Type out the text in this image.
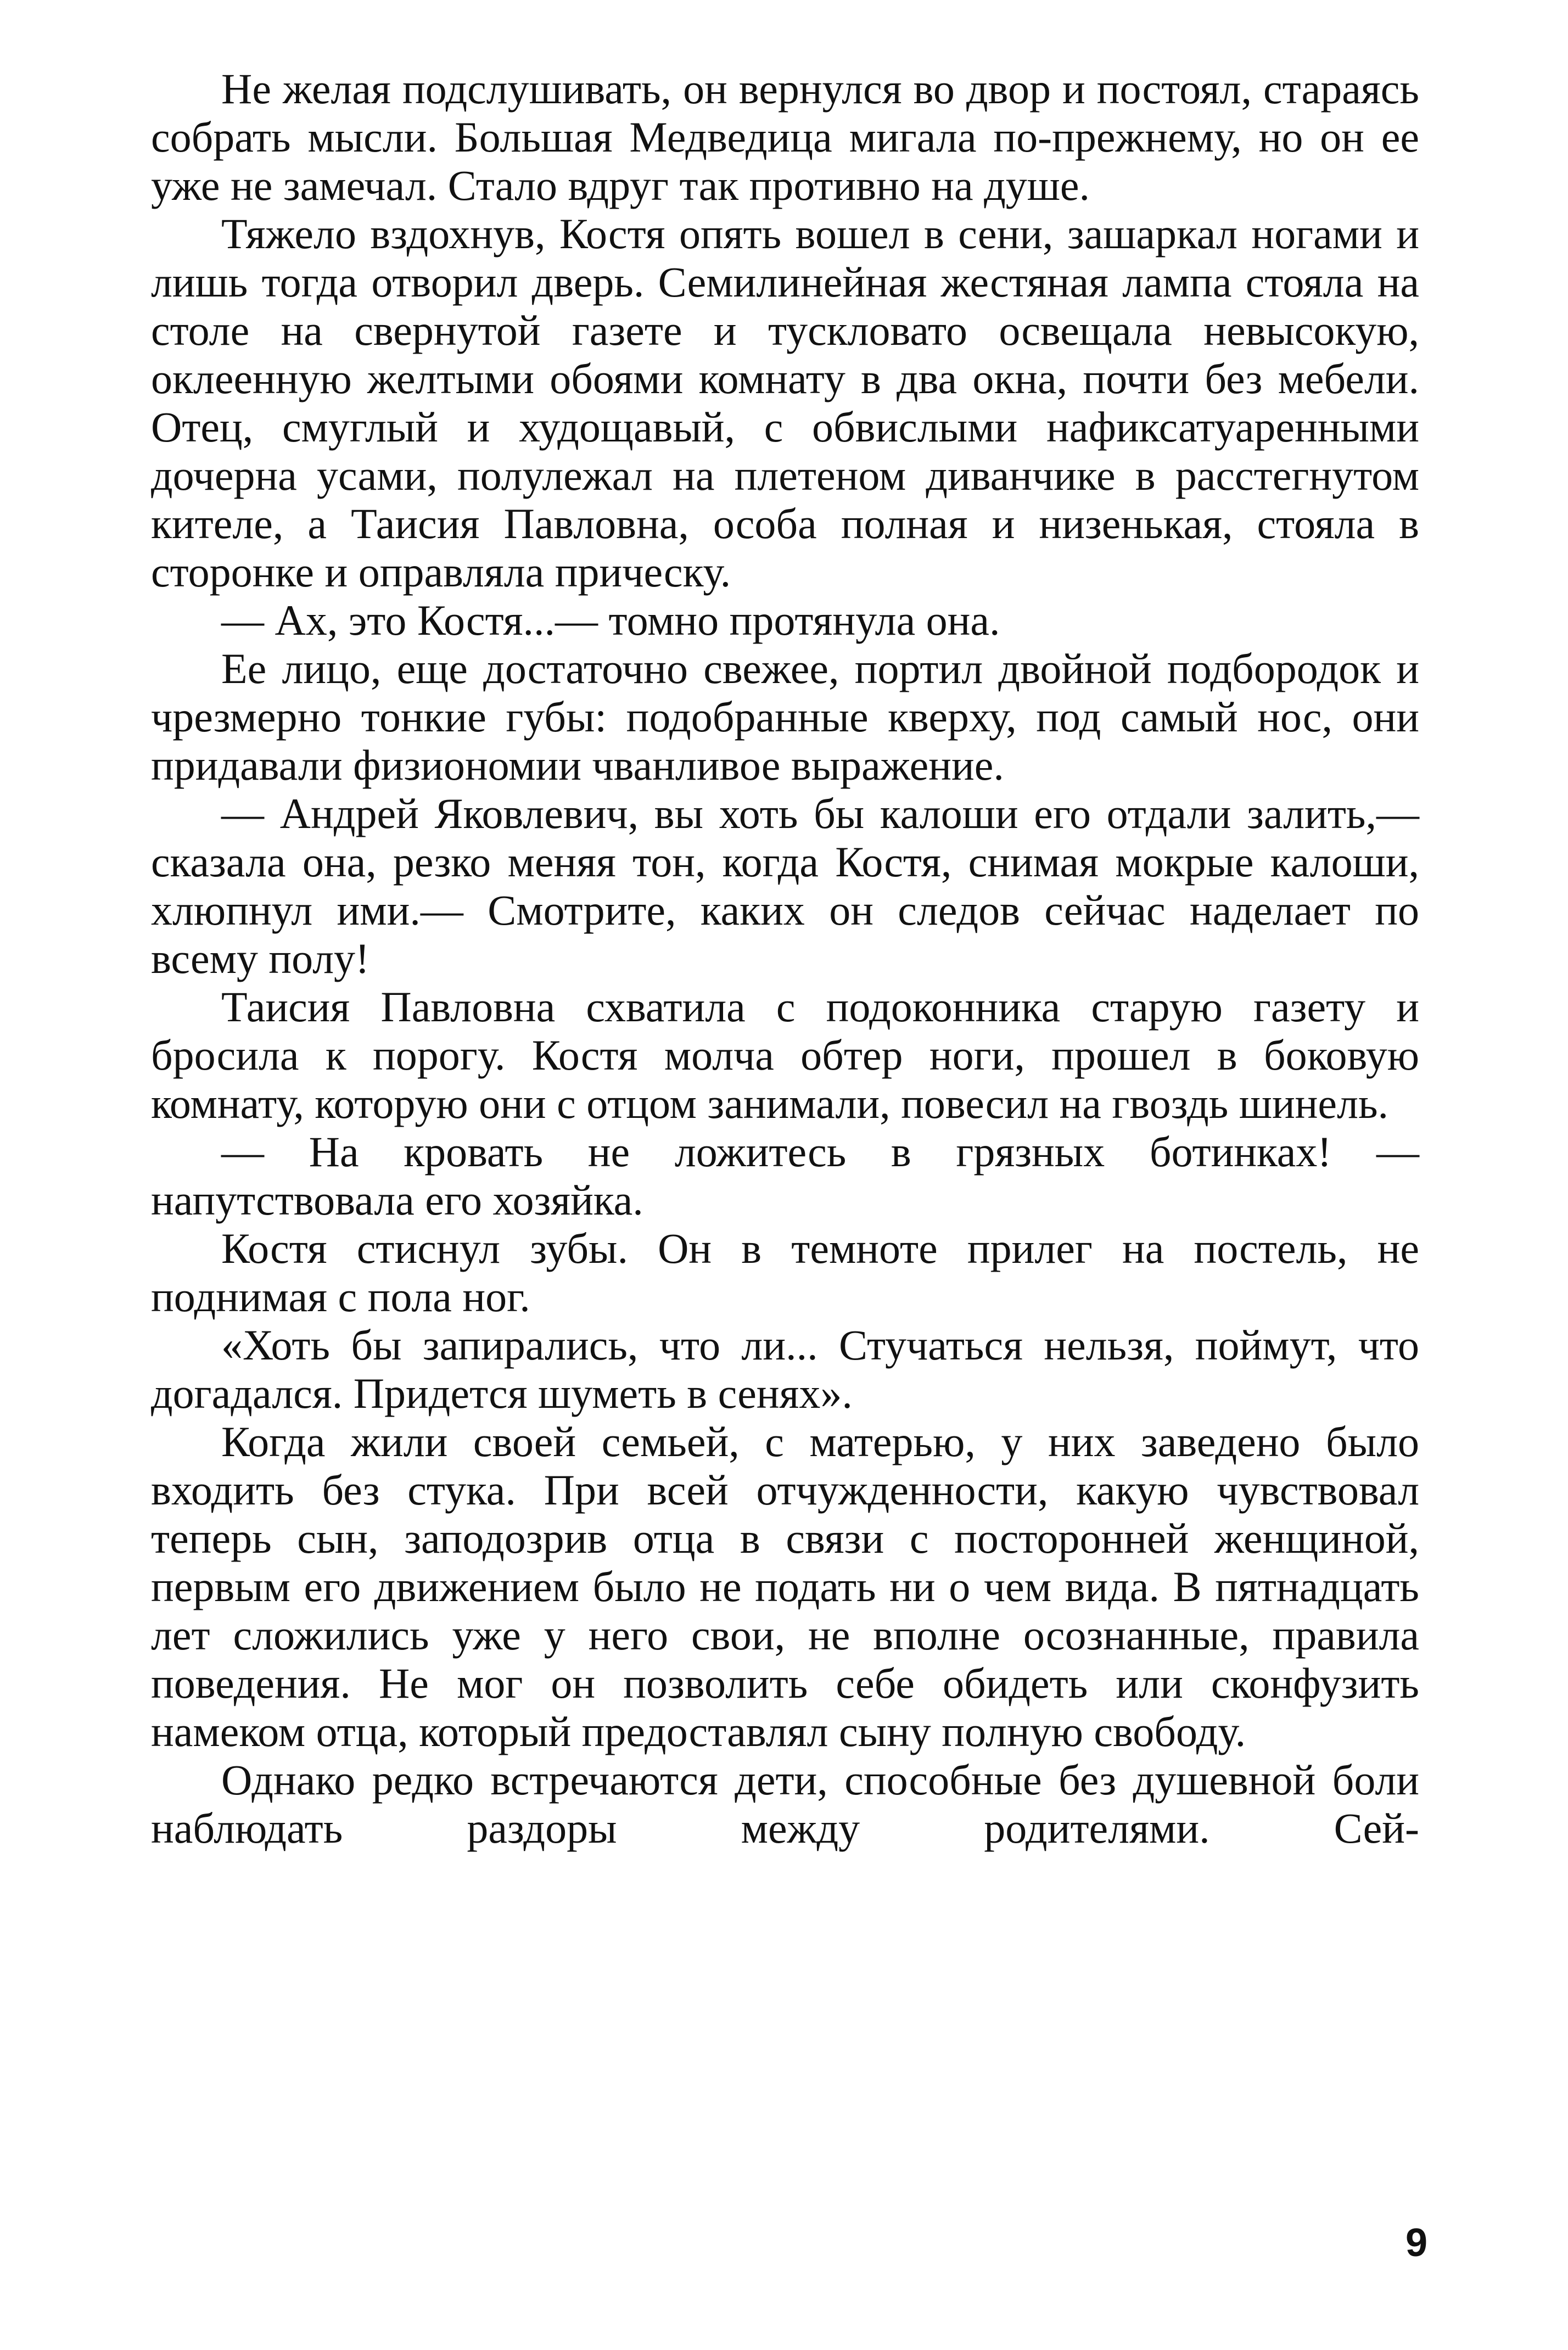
Не желая подслушивать, он вернулся во двор и постоял, стараясь собрать мысли. Большая Медведица мигала по-прежнему, но он ее уже не замечал. Стало вдруг так противно на душе.

Тяжело вздохнув, Костя опять вошел в сени, зашаркал ногами и лишь тогда отворил дверь. Семилинейная жестяная лампа стояла на столе на свернутой газете и тускловато освещала невысокую, оклеенную желтыми обоями комнату в два окна, почти без мебели. Отец, смуглый и худощавый, с обвислыми нафиксатуаренными дочерна усами, полулежал на плетеном диванчике в расстегнутом кителе, а Таисия Павловна, особа полная и низенькая, стояла в сторонке и оправляла прическу.

— Ах, это Костя...— томно протянула она.

Ее лицо, еще достаточно свежее, портил двойной подбородок и чрезмерно тонкие губы: подобранные кверху, под самый нос, они придавали физиономии чванливое выражение.

— Андрей Яковлевич, вы хоть бы калоши его отдали залить,— сказала она, резко меняя тон, когда Костя, снимая мокрые калоши, хлюпнул ими.— Смотрите, каких он следов сейчас наделает по всему полу!

Таисия Павловна схватила с подоконника старую газету и бросила к порогу. Костя молча обтер ноги, прошел в боковую комнату, которую они с отцом занимали, повесил на гвоздь шинель.

— На кровать не ложитесь в грязных ботинках! — напутствовала его хозяйка.

Костя стиснул зубы. Он в темноте прилег на постель, не поднимая с пола ног.

«Хоть бы запирались, что ли... Стучаться нельзя, поймут, что догадался. Придется шуметь в сенях».

Когда жили своей семьей, с матерью, у них заведено было входить без стука. При всей отчужденности, какую чувствовал теперь сын, заподозрив отца в связи с посторонней женщиной, первым его движением было не подать ни о чем вида. В пятнадцать лет сложились уже у него свои, не вполне осознанные, правила поведения. Не мог он позволить себе обидеть или сконфузить намеком отца, который предоставлял сыну полную свободу.

Однако редко встречаются дети, способные без душевной боли наблюдать раздоры между родителями. Сей-

9
